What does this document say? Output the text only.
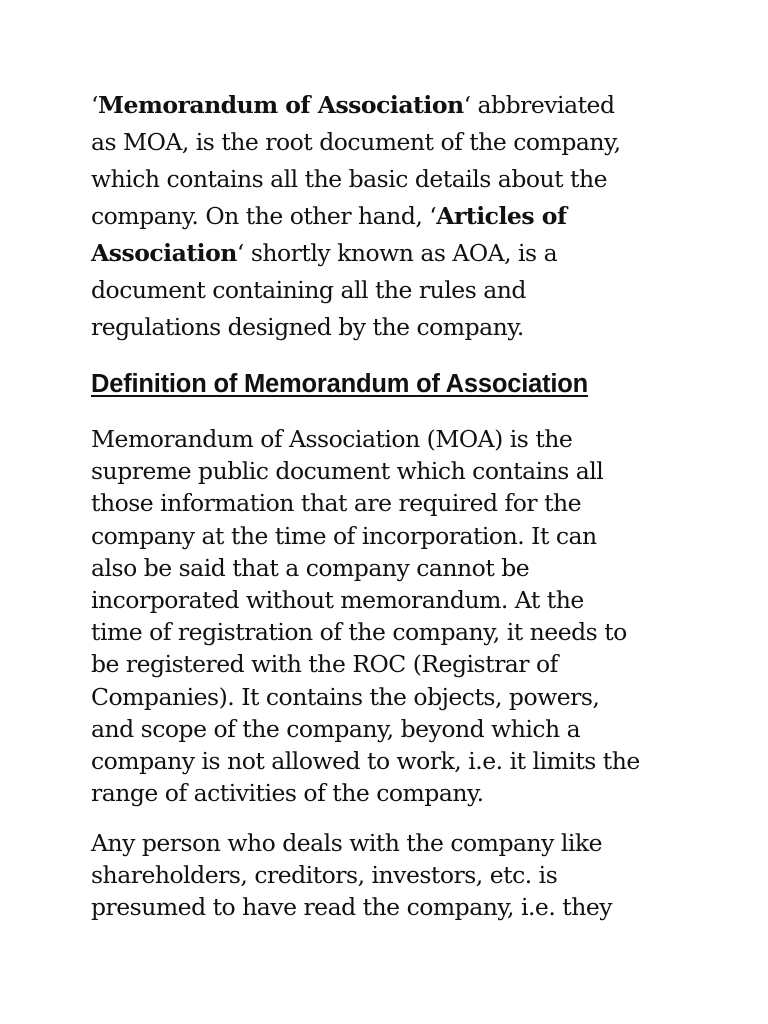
‘Memorandum of Association‘ abbreviated
as MOA, is the root document of the company,
which contains all the basic details about the
company. On the other hand, ‘Articles of
Association‘ shortly known as AOA, is a
document containing all the rules and
regulations designed by the company.

Definition of Memorandum of Association

Memorandum of Association (MOA) is the
supreme public document which contains all
those information that are required for the
company at the time of incorporation. It can
also be said that a company cannot be
incorporated without memorandum. At the
time of registration of the company, it needs to
be registered with the ROC (Registrar of
Companies). It contains the objects, powers,
and scope of the company, beyond which a
company is not allowed to work, i.e. it limits the
range of activities of the company.

Any person who deals with the company like
shareholders, creditors, investors, etc. is
presumed to have read the company, i.e. they
